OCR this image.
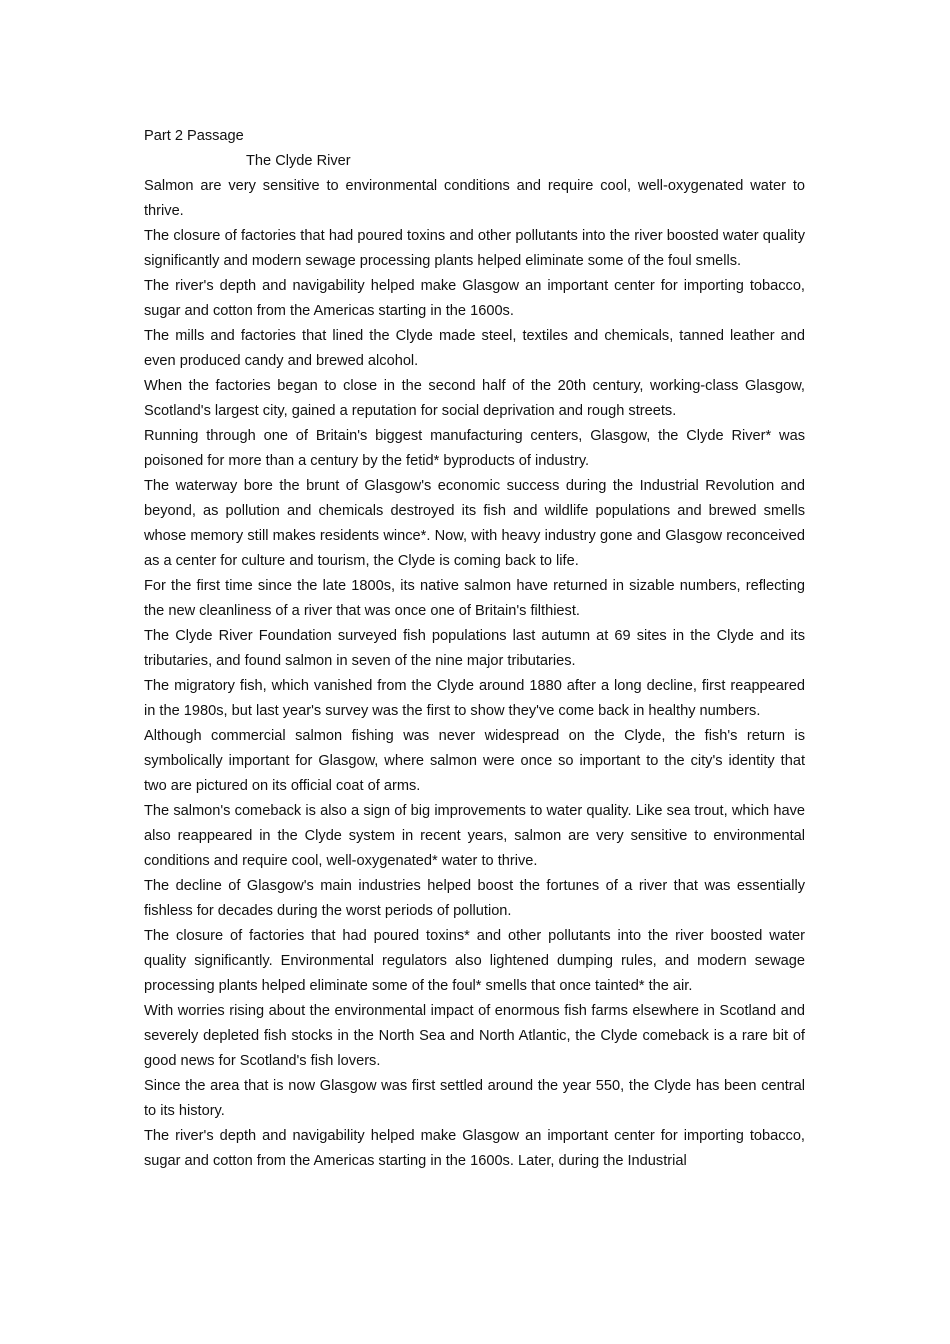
Part 2 Passage

The Clyde River

Salmon are very sensitive to environmental conditions and require cool, well-oxygenated water to thrive.

The closure of factories that had poured toxins and other pollutants into the river boosted water quality significantly and modern sewage processing plants helped eliminate some of the foul smells.

The river's depth and navigability helped make Glasgow an important center for importing tobacco, sugar and cotton from the Americas starting in the 1600s.

The mills and factories that lined the Clyde made steel, textiles and chemicals, tanned leather and even produced candy and brewed alcohol.

When the factories began to close in the second half of the 20th century, working-class Glasgow, Scotland's largest city, gained a reputation for social deprivation and rough streets.

Running through one of Britain's biggest manufacturing centers, Glasgow, the Clyde River* was poisoned for more than a century by the fetid* byproducts of industry.

The waterway bore the brunt of Glasgow's economic success during the Industrial Revolution and beyond, as pollution and chemicals destroyed its fish and wildlife populations and brewed smells whose memory still makes residents wince*. Now, with heavy industry gone and Glasgow reconceived as a center for culture and tourism, the Clyde is coming back to life.

For the first time since the late 1800s, its native salmon have returned in sizable numbers, reflecting the new cleanliness of a river that was once one of Britain's filthiest.

The Clyde River Foundation surveyed fish populations last autumn at 69 sites in the Clyde and its tributaries, and found salmon in seven of the nine major tributaries.

The migratory fish, which vanished from the Clyde around 1880 after a long decline, first reappeared in the 1980s, but last year's survey was the first to show they've come back in healthy numbers.

Although commercial salmon fishing was never widespread on the Clyde, the fish's return is symbolically important for Glasgow, where salmon were once so important to the city's identity that two are pictured on its official coat of arms.

The salmon's comeback is also a sign of big improvements to water quality. Like sea trout, which have also reappeared in the Clyde system in recent years, salmon are very sensitive to environmental conditions and require cool, well-oxygenated* water to thrive.

The decline of Glasgow's main industries helped boost the fortunes of a river that was essentially fishless for decades during the worst periods of pollution.

The closure of factories that had poured toxins* and other pollutants into the river boosted water quality significantly. Environmental regulators also lightened dumping rules, and modern sewage processing plants helped eliminate some of the foul* smells that once tainted* the air.

With worries rising about the environmental impact of enormous fish farms elsewhere in Scotland and severely depleted fish stocks in the North Sea and North Atlantic, the Clyde comeback is a rare bit of good news for Scotland's fish lovers.

Since the area that is now Glasgow was first settled around the year 550, the Clyde has been central to its history.

The river's depth and navigability helped make Glasgow an important center for importing tobacco, sugar and cotton from the Americas starting in the 1600s. Later, during the Industrial
